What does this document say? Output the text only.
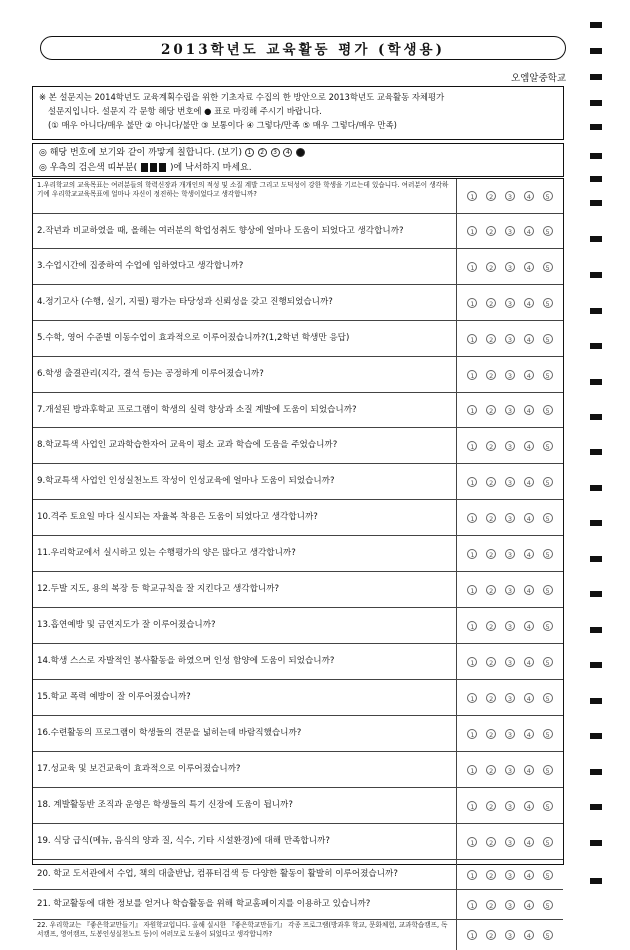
2013학년도 교육활동 평가 (학생용)
오엠알중학교
※ 본 설문지는 2014학년도 교육계획수립을 위한 기초자료 수집의 한 방안으로 2013학년도 교육활동 자체평가
설문지입니다. 설문지 각 문항 해당 번호에 ● 표로 마킹해 주시기 바랍니다.
(① 매우 아니다/매우 불만 ② 아니다/불만 ③ 보통이다 ④ 그렇다/만족 ⑤ 매우 그렇다/매우 만족)
◎ 해당 번호에 보기와 같이 까맣게 칠합니다. (보기) 1 2 3 4
◎ 우측의 검은색 띠부분(	)에 낙서하지 마세요.
1.우리학교의 교육목표는 여러분들의 학력신장과 개개인의 적성 및 소질 계발 그리고 도덕성이 강한 학생을 기르는데 있습니다. 여러분이 생각하기에 우리학교교육목표에 얼마나 자신이 정진하는 학생이었다고 생각합니까?	1	2	3	4	5
2.작년과 비교하였을 때, 올해는 여러분의 학업성취도 향상에 얼마나 도움이 되었다고 생각합니까?	1	2	3	4	5
3.수업시간에 집중하여 수업에 임하였다고 생각합니까?	1	2	3	4	5
4.정기고사 (수행, 실기, 지필) 평가는 타당성과 신뢰성을 갖고 진행되었습니까?	1	2	3	4	5
5.수학, 영어 수준별 이동수업이 효과적으로 이루어졌습니까?(1,2학년 학생만 응답)	1	2	3	4	5
6.학생 출결관리(지각, 결석 등)는 공정하게 이루어졌습니까?	1	2	3	4	5
7.개설된 방과후학교 프로그램이 학생의 실력 향상과 소질 계발에 도움이 되었습니까?	1	2	3	4	5
8.학교특색 사업인 교과학습한자어 교육이 평소 교과 학습에 도움을 주었습니까?	1	2	3	4	5
9.학교특색 사업인 인성실천노트 작성이 인성교육에 얼마나 도움이 되었습니까?	1	2	3	4	5
10.격주 토요일 마다 실시되는 자율복 착용은 도움이 되었다고 생각합니까?	1	2	3	4	5
11.우리학교에서 실시하고 있는 수행평가의 양은 많다고 생각합니까?	1	2	3	4	5
12.두발 지도, 용의 복장 등 학교규칙을 잘 지킨다고 생각합니까?	1	2	3	4	5
13.흡연예방 및 금연지도가 잘 이루어졌습니까?	1	2	3	4	5
14.학생 스스로 자발적인 봉사활동을 하였으며 인성 함양에 도움이 되었습니까?	1	2	3	4	5
15.학교 폭력 예방이 잘 이루어졌습니까?	1	2	3	4	5
16.수련활동의 프로그램이 학생들의 견문을 넓히는데 바람직했습니까?	1	2	3	4	5
17.성교육 및 보건교육이 효과적으로 이루어졌습니까?	1	2	3	4	5
18. 계발활동반 조직과 운영은 학생들의 특기 신장에 도움이 됩니까?	1	2	3	4	5
19. 식당 급식(메뉴, 음식의 양과 질, 식수, 기타 시설환경)에 대해 만족합니까?	1	2	3	4	5
20. 학교 도서관에서 수업, 책의 대출반납, 컴퓨터검색 등 다양한 활동이 활발히 이루어졌습니까?	1	2	3	4	5
21. 학교활동에 대한 정보를 얻거나 학습활동을 위해 학교홈페이지를 이용하고 있습니까?	1	2	3	4	5
22. 우리학교는 『좋은학교만들기』 자원학교입니다. 올해 실시한 『좋은학교만들기』 각종 프로그램(방과후 학교, 문화체험, 교과학습캠프, 독서캠프, 영어캠프, 도봉인성실천노트 등)이 여러모로 도움이 되었다고 생각합니까?	1	2	3	4	5
